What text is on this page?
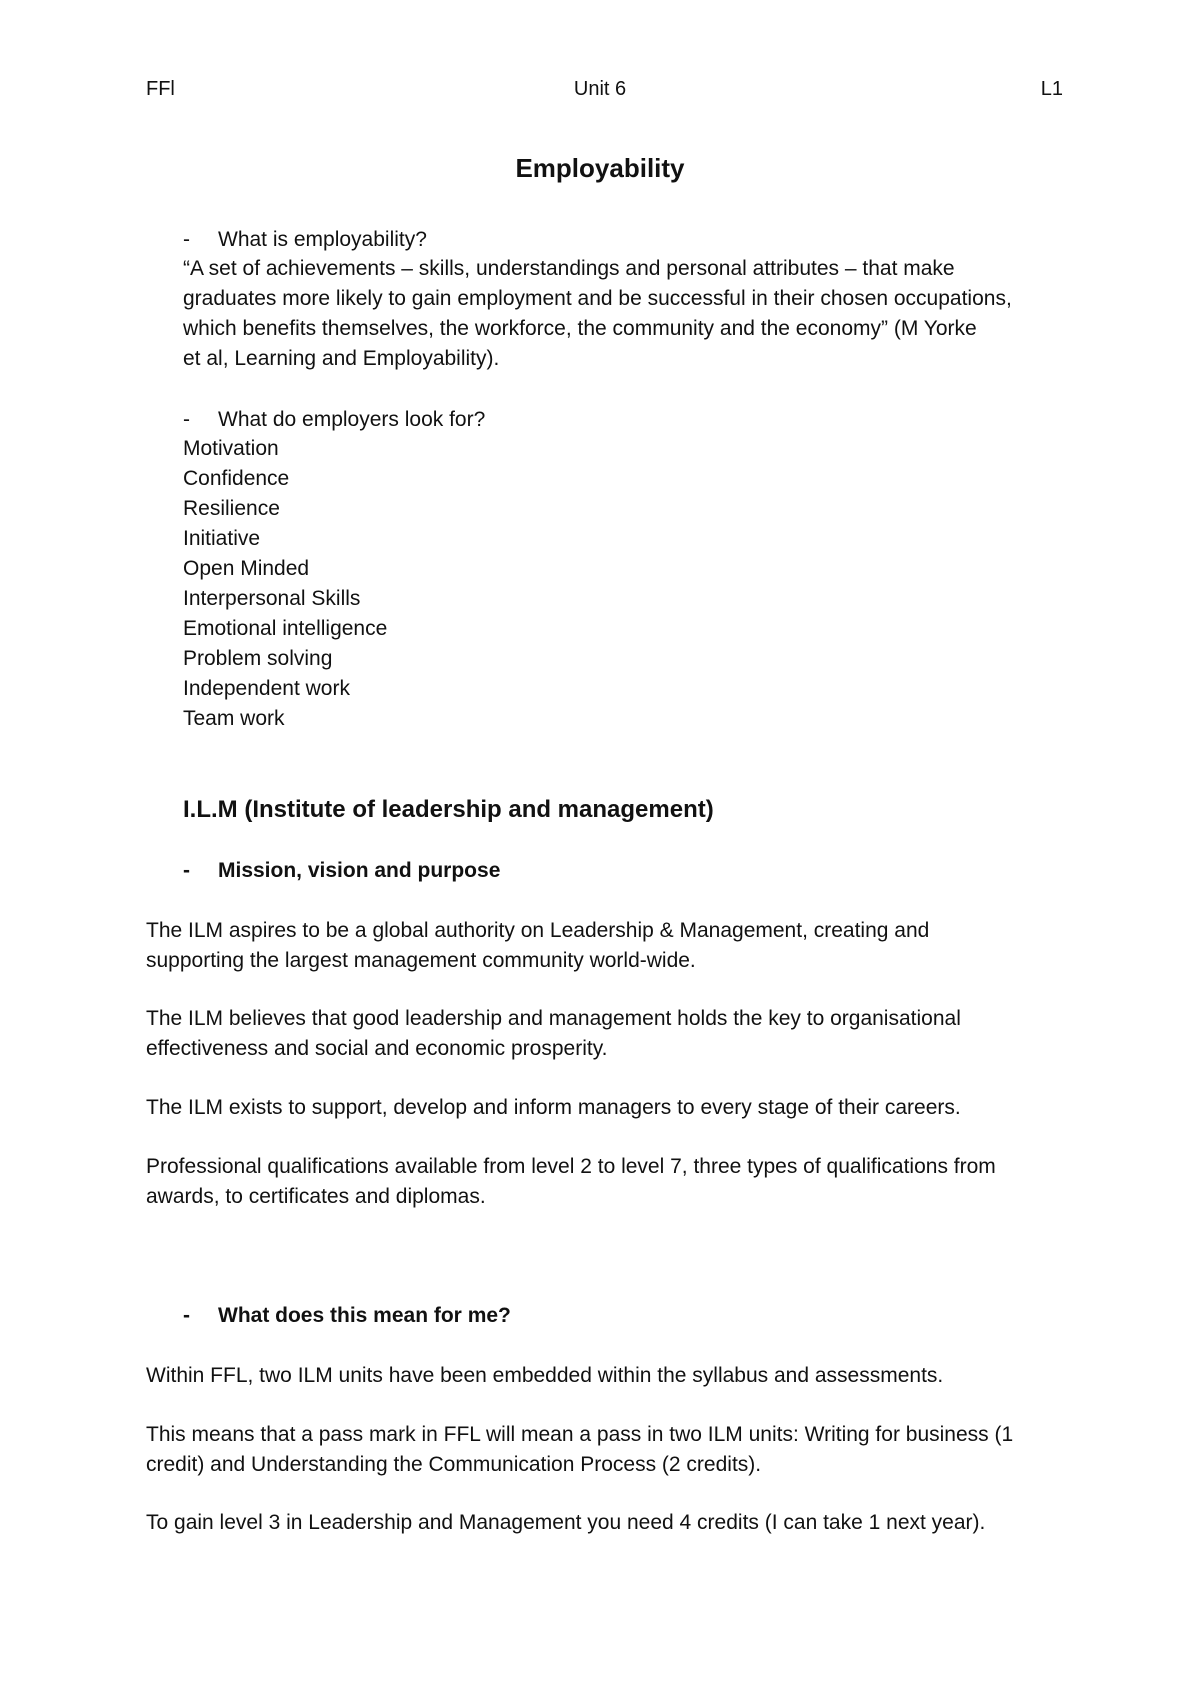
FFl	Unit 6	L1
Employability
- What is employability?
“A set of achievements – skills, understandings and personal attributes – that make
graduates more likely to gain employment and be successful in their chosen occupations,
which benefits themselves, the workforce, the community and the economy” (M Yorke
et al, Learning and Employability).
- What do employers look for?
Motivation
Confidence
Resilience
Initiative
Open Minded
Interpersonal Skills
Emotional intelligence
Problem solving
Independent work
Team work
I.L.M (Institute of leadership and management)
- Mission, vision and purpose
The ILM aspires to be a global authority on Leadership & Management, creating and
supporting the largest management community world-wide.
The ILM believes that good leadership and management holds the key to organisational
effectiveness and social and economic prosperity.
The ILM exists to support, develop and inform managers to every stage of their careers.
Professional qualifications available from level 2 to level 7, three types of qualifications from
awards, to certificates and diplomas.
- What does this mean for me?
Within FFL, two ILM units have been embedded within the syllabus and assessments.
This means that a pass mark in FFL will mean a pass in two ILM units: Writing for business (1
credit) and Understanding the Communication Process (2 credits).
To gain level 3 in Leadership and Management you need 4 credits (I can take 1 next year).
